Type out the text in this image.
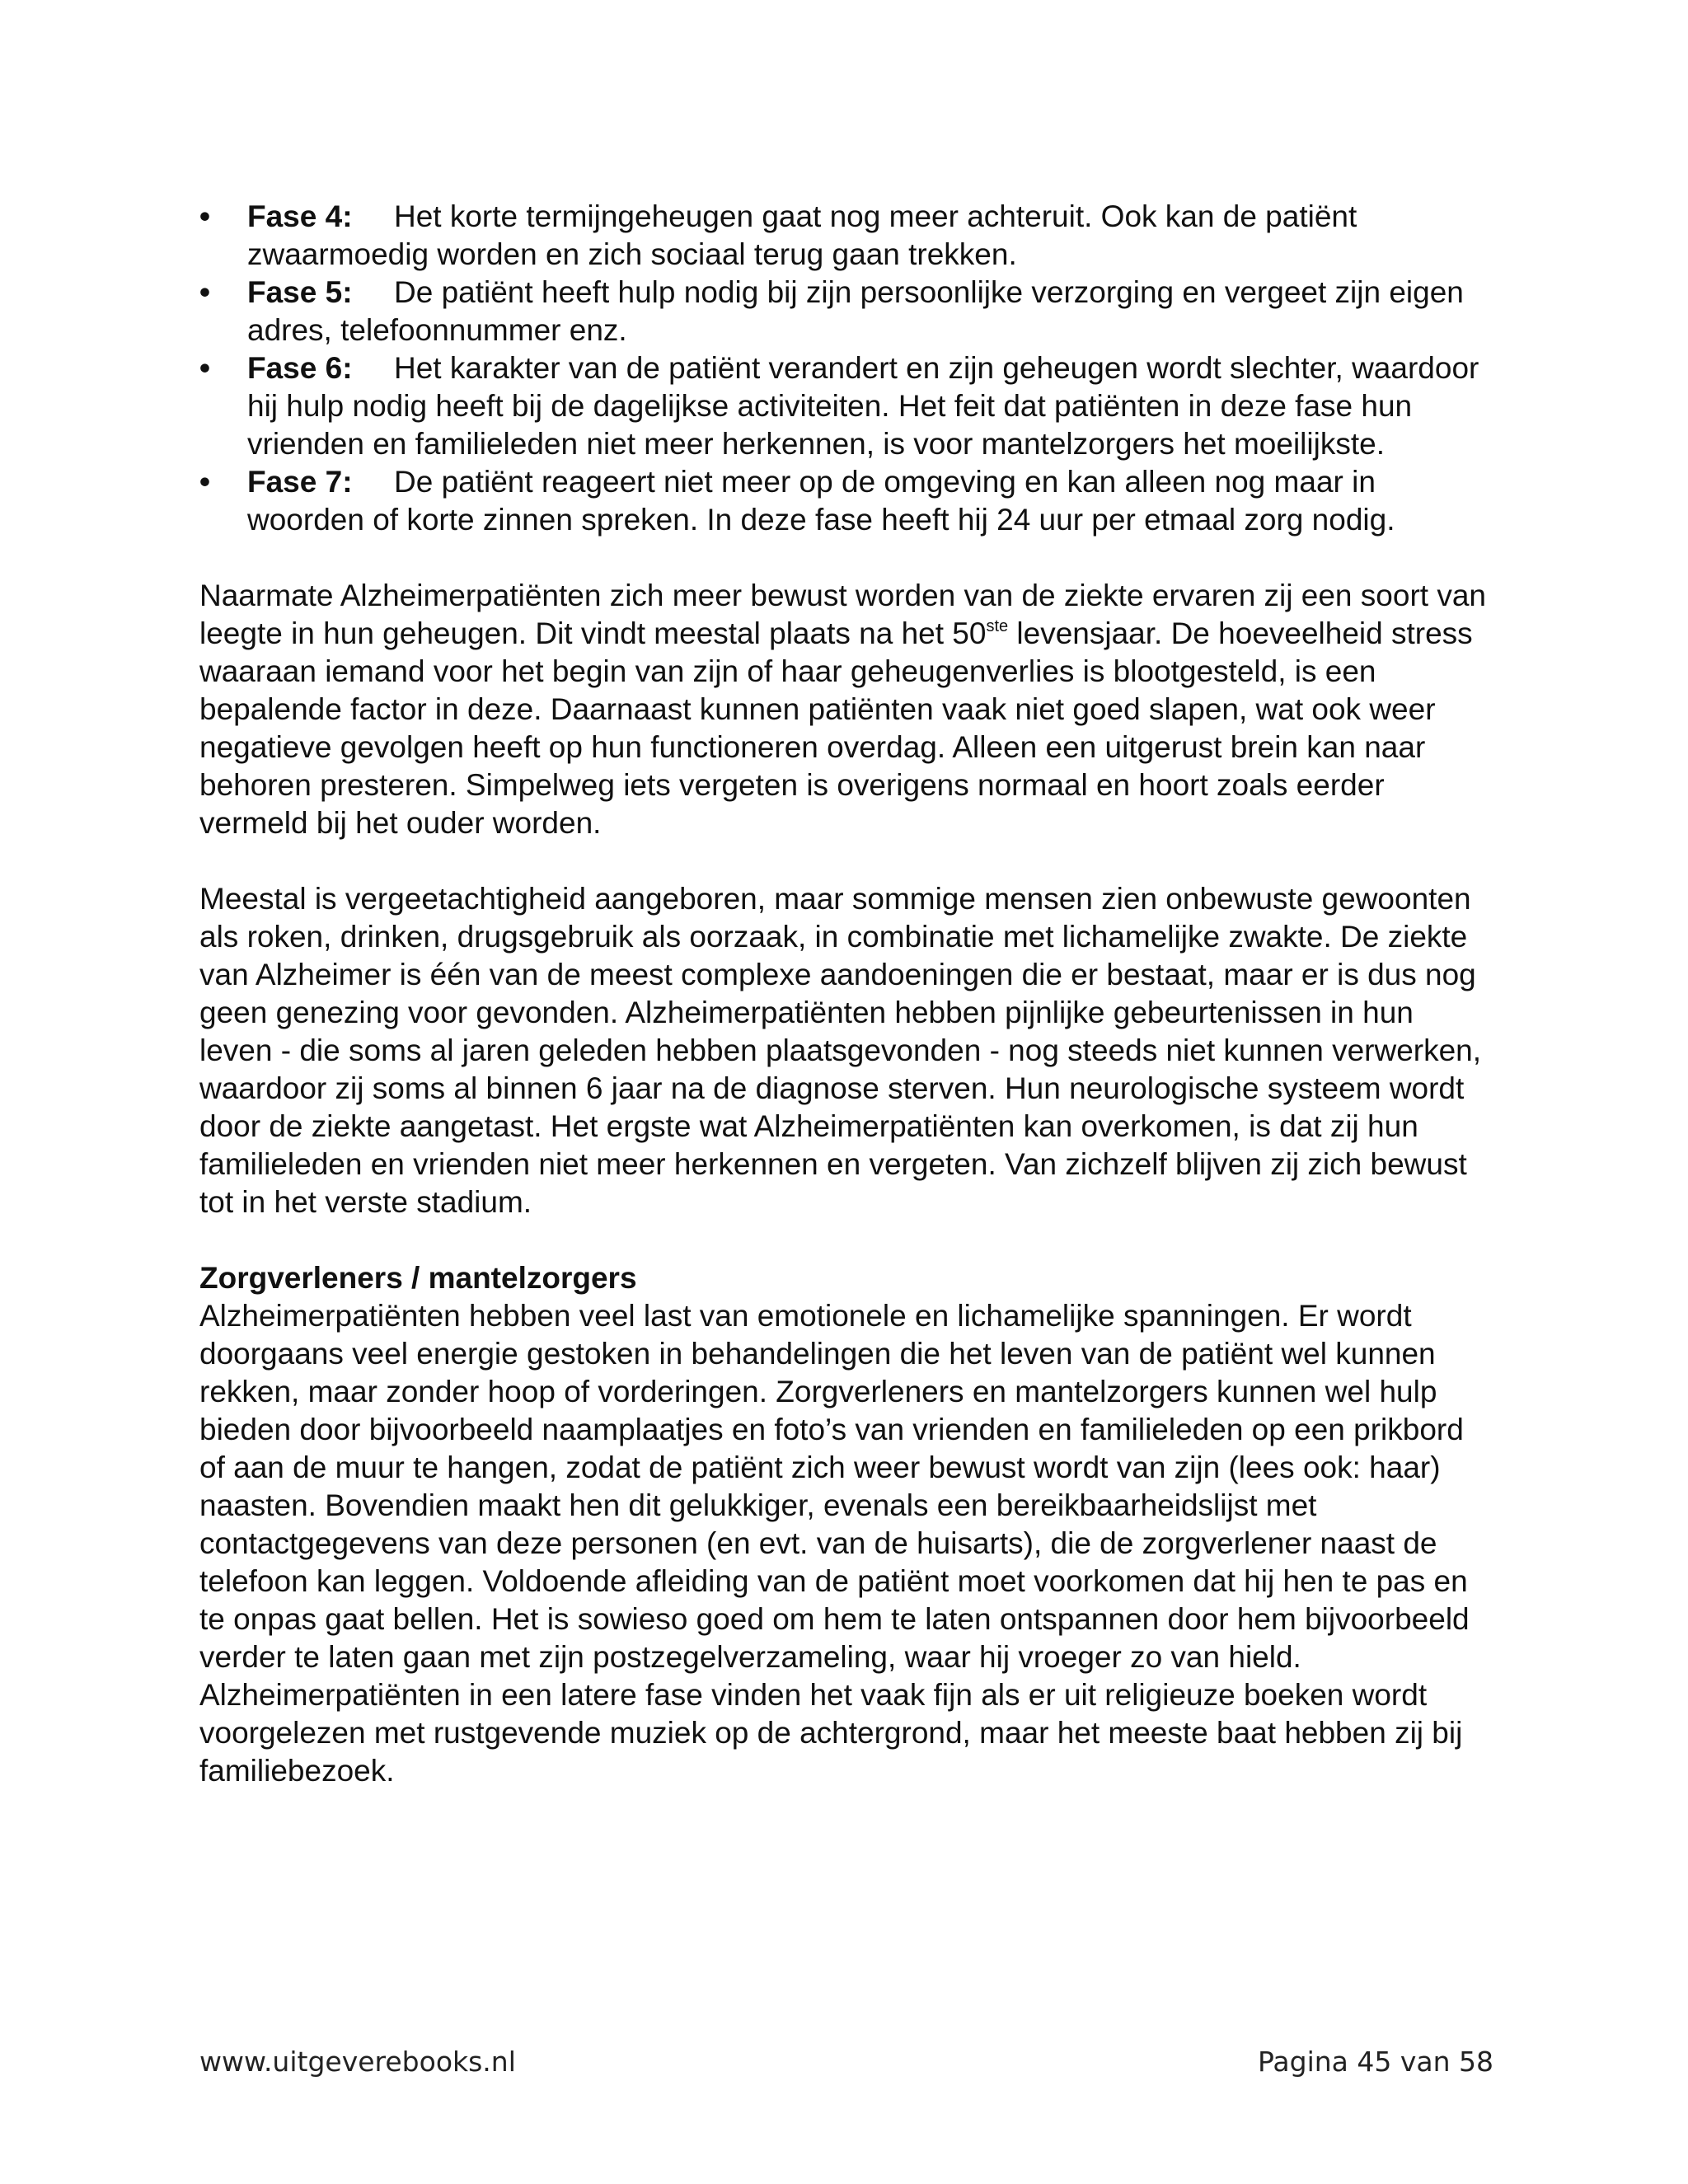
•	Fase 4: Het korte termijngeheugen gaat nog meer achteruit. Ook kan de patiënt zwaarmoedig worden en zich sociaal terug gaan trekken.
•	Fase 5: De patiënt heeft hulp nodig bij zijn persoonlijke verzorging en vergeet zijn eigen adres, telefoonnummer enz.
•	Fase 6: Het karakter van de patiënt verandert en zijn geheugen wordt slechter, waardoor hij hulp nodig heeft bij de dagelijkse activiteiten. Het feit dat patiënten in deze fase hun vrienden en familieleden niet meer herkennen, is voor mantelzorgers het moeilijkste.
•	Fase 7: De patiënt reageert niet meer op de omgeving en kan alleen nog maar in woorden of korte zinnen spreken. In deze fase heeft hij 24 uur per etmaal zorg nodig.

Naarmate Alzheimerpatiënten zich meer bewust worden van de ziekte ervaren zij een soort van leegte in hun geheugen. Dit vindt meestal plaats na het 50ste levensjaar. De hoeveelheid stress waaraan iemand voor het begin van zijn of haar geheugenverlies is blootgesteld, is een bepalende factor in deze. Daarnaast kunnen patiënten vaak niet goed slapen, wat ook weer negatieve gevolgen heeft op hun functioneren overdag. Alleen een uitgerust brein kan naar behoren presteren. Simpelweg iets vergeten is overigens normaal en hoort zoals eerder vermeld bij het ouder worden.

Meestal is vergeetachtigheid aangeboren, maar sommige mensen zien onbewuste gewoonten als roken, drinken, drugsgebruik als oorzaak, in combinatie met lichamelijke zwakte. De ziekte van Alzheimer is één van de meest complexe aandoeningen die er bestaat, maar er is dus nog geen genezing voor gevonden. Alzheimerpatiënten hebben pijnlijke gebeurtenissen in hun leven - die soms al jaren geleden hebben plaatsgevonden - nog steeds niet kunnen verwerken, waardoor zij soms al binnen 6 jaar na de diagnose sterven. Hun neurologische systeem wordt door de ziekte aangetast. Het ergste wat Alzheimerpatiënten kan overkomen, is dat zij hun familieleden en vrienden niet meer herkennen en vergeten. Van zichzelf blijven zij zich bewust tot in het verste stadium.

Zorgverleners / mantelzorgers

Alzheimerpatiënten hebben veel last van emotionele en lichamelijke spanningen. Er wordt doorgaans veel energie gestoken in behandelingen die het leven van de patiënt wel kunnen rekken, maar zonder hoop of vorderingen. Zorgverleners en mantelzorgers kunnen wel hulp bieden door bijvoorbeeld naamplaatjes en foto’s van vrienden en familieleden op een prikbord of aan de muur te hangen, zodat de patiënt zich weer bewust wordt van zijn (lees ook: haar) naasten. Bovendien maakt hen dit gelukkiger, evenals een bereikbaarheidslijst met contactgegevens van deze personen (en evt. van de huisarts), die de zorgverlener naast de telefoon kan leggen. Voldoende afleiding van de patiënt moet voorkomen dat hij hen te pas en te onpas gaat bellen. Het is sowieso goed om hem te laten ontspannen door hem bijvoorbeeld verder te laten gaan met zijn postzegelverzameling, waar hij vroeger zo van hield. Alzheimerpatiënten in een latere fase vinden het vaak fijn als er uit religieuze boeken wordt voorgelezen met rustgevende muziek op de achtergrond, maar het meeste baat hebben zij bij familiebezoek.

www.uitgeverebooks.nl	Pagina 45 van 58
